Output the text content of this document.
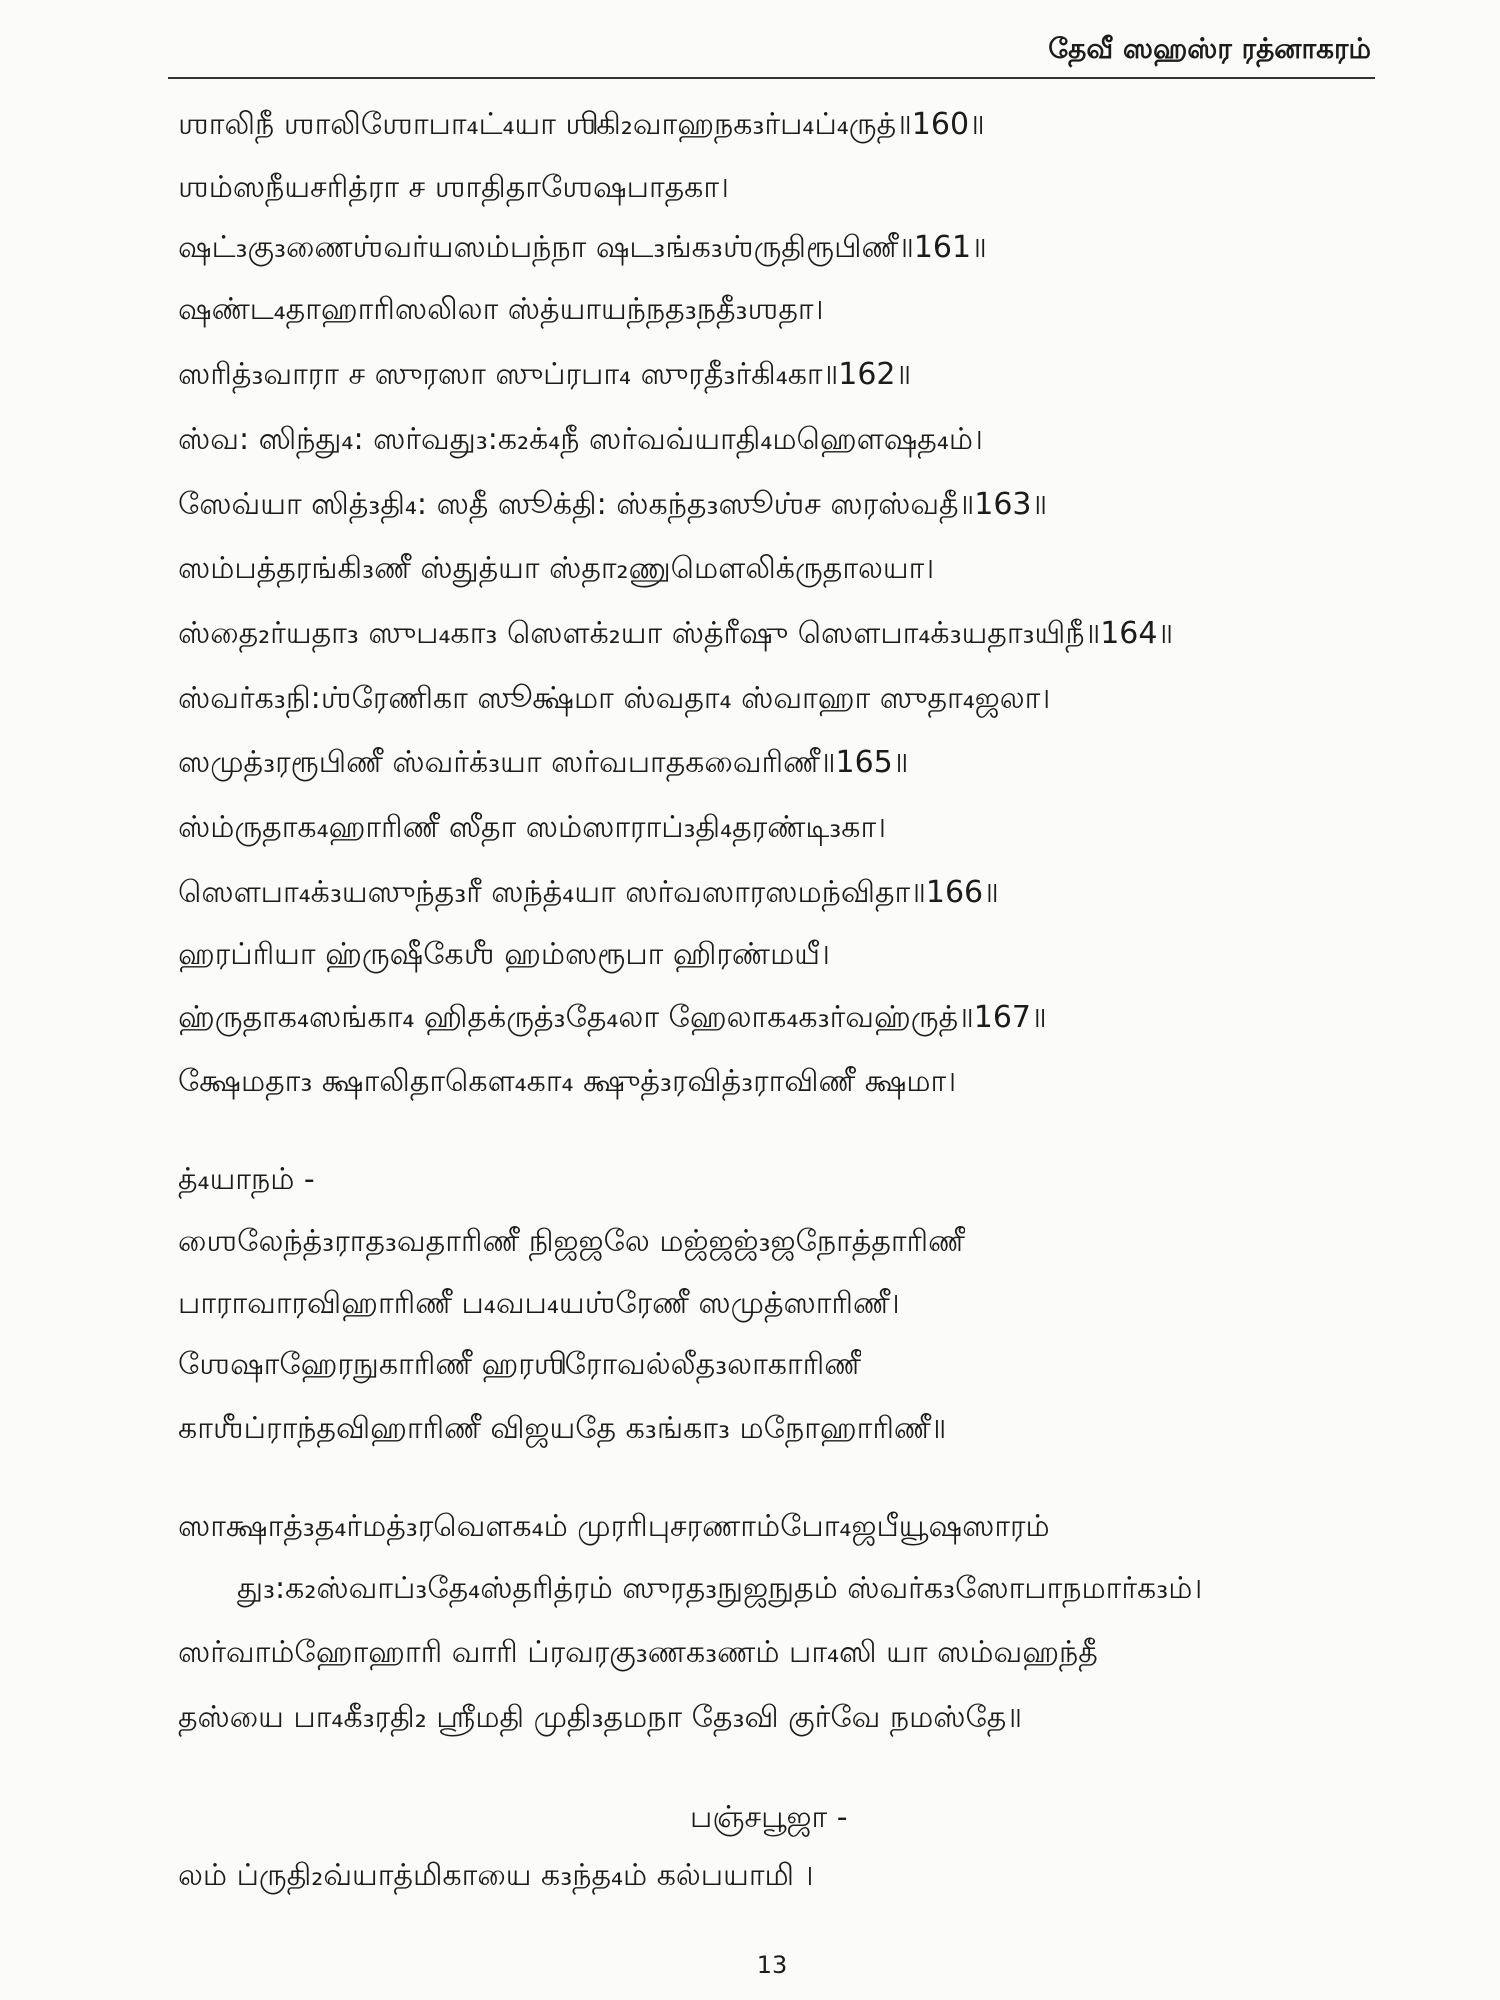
தேவீ ஸஹஸ்ர ரத்னாகரம்
ஶாலிநீ ஶாலிஶோபா₄ட்₄யா ஶிகி₂வாஹநக₃ர்ப₄ப்₄ருத்॥160॥
ஶம்ஸநீயசரித்ரா ச ஶாதிதாஶேஷபாதகா।
ஷட்₃கு₃ணைஶ்வர்யஸம்பந்நா ஷட₃ங்க₃ஶ்ருதிரூபிணீ॥161॥
ஷண்ட₄தாஹாரிஸலிலா ஸ்த்யாயந்நத₃நதீ₃ஶதா।
ஸரித்₃வாரா ச ஸுரஸா ஸுப்ரபா₄ ஸுரதீ₃ர்கி₄கா॥162॥
ஸ்வ: ஸிந்து₄: ஸர்வது₃:க₂க்₄நீ ஸர்வவ்யாதி₄மஹௌஷத₄ம்।
ஸேவ்யா ஸித்₃தி₄: ஸதீ ஸூக்தி: ஸ்கந்த₃ஸூஶ்ச ஸரஸ்வதீ॥163॥
ஸம்பத்தரங்கி₃ணீ ஸ்துத்யா ஸ்தா₂ணுமௌலிக்ருதாலயா।
ஸ்தை₂ர்யதா₃ ஸுப₄கா₃ ஸௌக்₂யா ஸ்த்ரீஷு ஸௌபா₄க்₃யதா₃யிநீ॥164॥
ஸ்வர்க₃நி:ஶ்ரேணிகா ஸூக்ஷ்மா ஸ்வதா₄ ஸ்வாஹா ஸுதா₄ஜலா।
ஸமுத்₃ரரூபிணீ ஸ்வர்க்₃யா ஸர்வபாதகவைரிணீ॥165॥
ஸ்ம்ருதாக₄ஹாரிணீ ஸீதா ஸம்ஸாராப்₃தி₄தரண்டி₃கா।
ஸௌபா₄க்₃யஸுந்த₃ரீ ஸந்த்₄யா ஸர்வஸாரஸமந்விதா॥166॥
ஹரப்ரியா ஹ்ருஷீகேஶீ ஹம்ஸரூபா ஹிரண்மயீ।
ஹ்ருதாக₄ஸங்கா₄ ஹிதக்ருத்₃தே₄லா ஹேலாக₄க₃ர்வஹ்ருத்॥167॥
க்ஷேமதா₃ க்ஷாலிதாகௌ₄கா₄ க்ஷுத்₃ரவித்₃ராவிணீ க்ஷமா।
த்₄யாநம் -
ஶைலேந்த்₃ராத₃வதாரிணீ நிஜஜலே மஜ்ஜஜ்₃ஜநோத்தாரிணீ
பாராவாரவிஹாரிணீ ப₄வப₄யஶ்ரேணீ ஸமுத்ஸாரிணீ।
ஶேஷாஹேரநுகாரிணீ ஹரஶிரோவல்லீத₃லாகாரிணீ
காஶீப்ராந்தவிஹாரிணீ விஜயதே க₃ங்கா₃ மநோஹாரிணீ॥
ஸாக்ஷாத்₃த₄ர்மத்₃ரவௌக₄ம் முரரிபுசரணாம்போ₄ஜபீயூஷஸாரம்
து₃:க₂ஸ்வாப்₃தே₄ஸ்தரித்ரம் ஸுரத₃நுஜநுதம் ஸ்வர்க₃ஸோபாநமார்க₃ம்।
ஸர்வாம்ஹோஹாரி வாரி ப்ரவரகு₃ணக₃ணம் பா₄ஸி யா ஸம்வஹந்தீ
தஸ்யை பா₄கீ₃ரதி₂ ஶ்ரீமதி முதி₃தமநா தே₃வி குர்வே நமஸ்தே॥
பஞ்சபூஜா -
லம் ப்ருதி₂வ்யாத்மிகாயை க₃ந்த₄ம் கல்பயாமி ।
13
